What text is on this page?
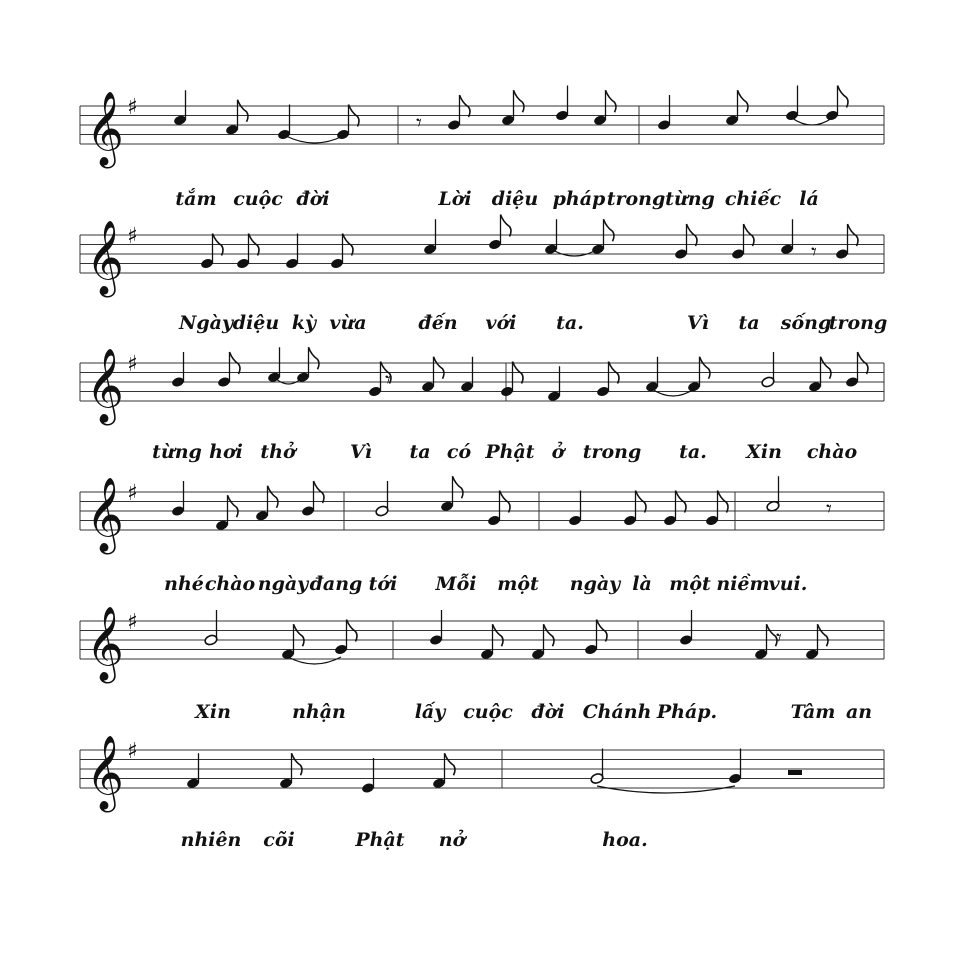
𝄞 ♯
tắm cuộc đời	Lời diệu pháp trong từng chiếc lá
𝄞 ♯
Ngày diệu kỳ vừa	đến với ta.	Vì ta sống
trong
𝄞 ♯
từng hơi thở	Vì ta có Phật ở trong ta. Xin chào
𝄞 ♯
nhé chào ngày đang tới Mỗi một ngày là một niềm vui.
𝄞 ♯
Xin	nhận	lấy cuộc đời Chánh Pháp.	Tâm an
𝄞 ♯
nhiên cõi	Phật nở	hoa.
𝄾
𝄾
𝄾
𝄾
𝄾
